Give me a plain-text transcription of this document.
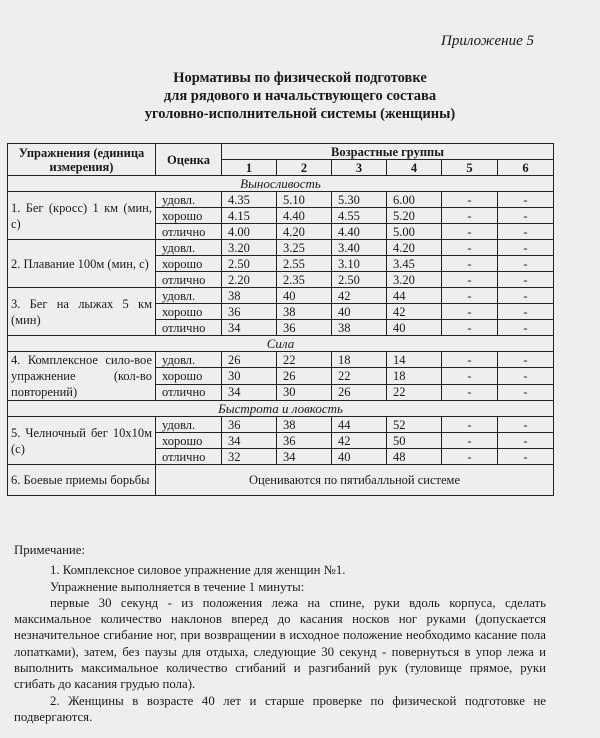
Приложение 5
Нормативы по физической подготовке
для рядового и начальствующего состава
уголовно-исполнительной системы (женщины)
Упражнения (единица измерения)	Оценка	Возрастные группы					
		1	2	3	4	5	6
Выносливость							
1. Бег (кросс) 1 км (мин, с)	удовл.	4.35	5.10	5.30	6.00	-	-
	хорошо	4.15	4.40	4.55	5.20	-	-
	отлично	4.00	4.20	4.40	5.00	-	-
2. Плавание 100м (мин, с)	удовл.	3.20	3.25	3.40	4.20	-	-
	хорошо	2.50	2.55	3.10	3.45	-	-
	отлично	2.20	2.35	2.50	3.20	-	-
3. Бег на лыжах 5 км (мин)	удовл.	38	40	42	44	-	-
	хорошо	36	38	40	42	-	-
	отлично	34	36	38	40	-	-
Сила							
4. Комплексное сило-вое упражнение (кол-во повторений)	удовл.	26	22	18	14	-	-
	хорошо	30	26	22	18	-	-
	отлично	34	30	26	22	-	-
Быстрота и ловкость							
5. Челночный бег 10х10м (с)	удовл.	36	38	44	52	-	-
	хорошо	34	36	42	50	-	-
	отлично	32	34	40	48	-	-
6. Боевые приемы борьбы	Оцениваются по пятибалльной системе						

Примечание:

1. Комплексное силовое упражнение для женщин №1.

Упражнение выполняется в течение 1 минуты:

первые 30 секунд - из положения лежа на спине, руки вдоль корпуса, сделать максимальное количество наклонов вперед до касания носков ног руками (допускается незначительное сгибание ног, при возвращении в исходное положение необходимо касание пола лопатками), затем, без паузы для отдыха, следующие 30 секунд - повернуться в упор лежа и выполнить максимальное количество сгибаний и разгибаний рук (туловище прямое, руки сгибать до касания грудью пола).

2. Женщины в возрасте 40 лет и старше проверке по физической подготовке не подвергаются.
